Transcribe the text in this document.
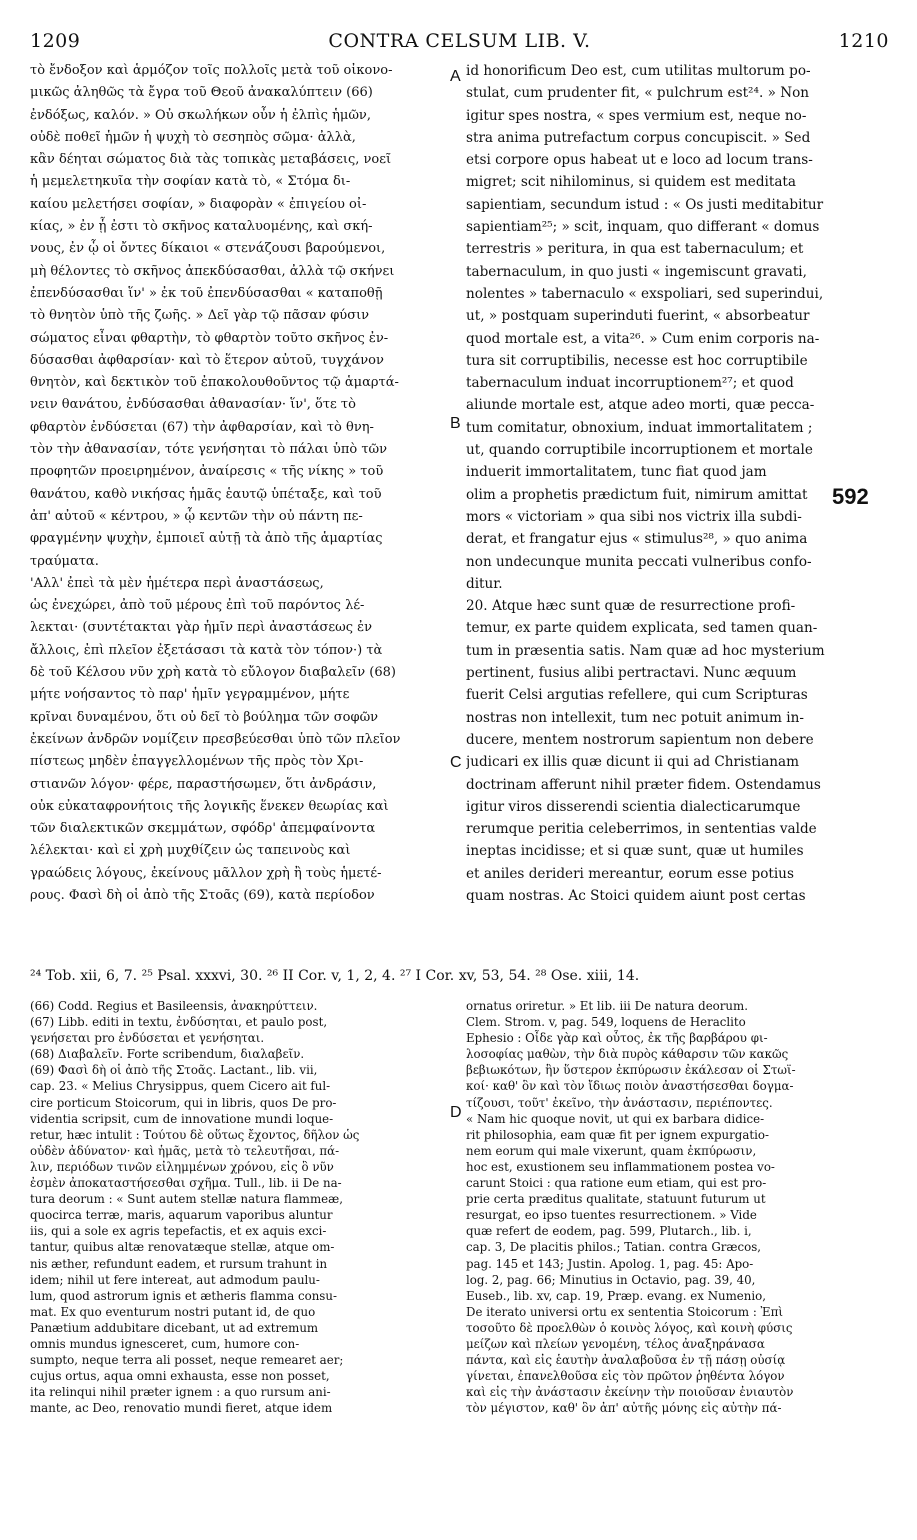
1209	CONTRA CELSUM LIB. V.	1210
τὸ ἔνδοξον καὶ ἁρμόζον τοῖς πολλοῖς μετὰ τοῦ οἰκονο-
μικῶς ἀληθῶς τὰ ἔγρα τοῦ Θεοῦ ἀνακαλύπτειν (66)
ἐνδόξως, καλόν. » Οὐ σκωλήκων οὖν ἡ ἐλπὶς ἡμῶν,
οὐδὲ ποθεῖ ἡμῶν ἡ ψυχὴ τὸ σεσηπὸς σῶμα· ἀλλὰ,
κἂν δέηται σώματος διὰ τὰς τοπικὰς μεταβάσεις, νοεῖ
ἡ μεμελετηκυῖα τὴν σοφίαν κατὰ τὸ, « Στόμα δι-
καίου μελετήσει σοφίαν, » διαφορὰν « ἐπιγείου οἰ-
κίας, » ἐν ᾗ ἐστι τὸ σκῆνος καταλυομένης, καὶ σκή-
νους, ἐν ᾧ οἱ ὄντες δίκαιοι « στενάζουσι βαρούμενοι,
μὴ θέλοντες τὸ σκῆνος ἀπεκδύσασθαι, ἀλλὰ τῷ σκήνει
ἐπενδύσασθαι ἵν' » ἐκ τοῦ ἐπενδύσασθαι « καταποθῇ
τὸ θνητὸν ὑπὸ τῆς ζωῆς. » Δεῖ γὰρ τῷ πᾶσαν φύσιν
σώματος εἶναι φθαρτὴν, τὸ φθαρτὸν τοῦτο σκῆνος ἐν-
δύσασθαι ἀφθαρσίαν· καὶ τὸ ἕτερον αὐτοῦ, τυγχάνον
θνητὸν, καὶ δεκτικὸν τοῦ ἐπακολουθοῦντος τῷ ἁμαρτά-
νειν θανάτου, ἐνδύσασθαι ἀθανασίαν· ἵν', ὅτε τὸ
φθαρτὸν ἐνδύσεται (67) τὴν ἀφθαρσίαν, καὶ τὸ θνη-
τὸν τὴν ἀθανασίαν, τότε γενήσηται τὸ πάλαι ὑπὸ τῶν
προφητῶν προειρημένον, ἀναίρεσις « τῆς νίκης » τοῦ
θανάτου, καθὸ νικήσας ἡμᾶς ἑαυτῷ ὑπέταξε, καὶ τοῦ
ἀπ' αὐτοῦ « κέντρου, » ᾧ κεντῶν τὴν οὐ πάντη πε-
φραγμένην ψυχὴν, ἐμποιεῖ αὐτῇ τὰ ἀπὸ τῆς ἁμαρτίας
τραύματα.
'Αλλ' ἐπεὶ τὰ μὲν ἡμέτερα περὶ ἀναστάσεως,
ὡς ἐνεχώρει, ἀπὸ τοῦ μέρους ἐπὶ τοῦ παρόντος λέ-
λεκται· (συντέτακται γὰρ ἡμῖν περὶ ἀναστάσεως ἐν
ἄλλοις, ἐπὶ πλεῖον ἐξετάσασι τὰ κατὰ τὸν τόπον·) τὰ
δὲ τοῦ Κέλσου νῦν χρὴ κατὰ τὸ εὔλογον διαβαλεῖν (68)
μήτε νοήσαντος τὸ παρ' ἡμῖν γεγραμμένον, μήτε
κρῖναι δυναμένου, ὅτι οὐ δεῖ τὸ βούλημα τῶν σοφῶν
ἐκείνων ἀνδρῶν νομίζειν πρεσβεύεσθαι ὑπὸ τῶν πλεῖον
πίστεως μηδὲν ἐπαγγελλομένων τῆς πρὸς τὸν Χρι-
στιανῶν λόγον· φέρε, παραστήσωμεν, ὅτι ἀνδράσιν,
οὐκ εὐκαταφρονήτοις τῆς λογικῆς ἕνεκεν θεωρίας καὶ
τῶν διαλεκτικῶν σκεμμάτων, σφόδρ' ἀπεμφαίνοντα
λέλεκται· καὶ εἰ χρὴ μυχθίζειν ὡς ταπεινοὺς καὶ
γραώδεις λόγους, ἐκείνους μᾶλλον χρὴ ἢ τοὺς ἡμετέ-
ρους. Φασὶ δὴ οἱ ἀπὸ τῆς Στοᾶς (69), κατὰ περίοδον
id honorificum Deo est, cum utilitas multorum po-
stulat, cum prudenter fit, « pulchrum est²⁴. » Non
igitur spes nostra, « spes vermium est, neque no-
stra anima putrefactum corpus concupiscit. » Sed
etsi corpore opus habeat ut e loco ad locum trans-
migret; scit nihilominus, si quidem est meditata
sapientiam, secundum istud : « Os justi meditabitur
sapientiam²⁵; » scit, inquam, quo differant « domus
terrestris » peritura, in qua est tabernaculum; et
tabernaculum, in quo justi « ingemiscunt gravati,
nolentes » tabernaculo « exspoliari, sed superindui,
ut, » postquam superinduti fuerint, « absorbeatur
quod mortale est, a vita²⁶. » Cum enim corporis na-
tura sit corruptibilis, necesse est hoc corruptibile
tabernaculum induat incorruptionem²⁷; et quod
aliunde mortale est, atque adeo morti, quæ pecca-
tum comitatur, obnoxium, induat immortalitatem ;
ut, quando corruptibile incorruptionem et mortale
induerit immortalitatem, tunc fiat quod jam
olim a prophetis prædictum fuit, nimirum amittat
mors « victoriam » qua sibi nos victrix illa subdi-
derat, et frangatur ejus « stimulus²⁸, » quo anima
non undecunque munita peccati vulneribus confo-
ditur.
20. Atque hæc sunt quæ de resurrectione profi-
temur, ex parte quidem explicata, sed tamen quan-
tum in præsentia satis. Nam quæ ad hoc mysterium
pertinent, fusius alibi pertractavi. Nunc æquum
fuerit Celsi argutias refellere, qui cum Scripturas
nostras non intellexit, tum nec potuit animum in-
ducere, mentem nostrorum sapientum non debere
judicari ex illis quæ dicunt ii qui ad Christianam
doctrinam afferunt nihil præter fidem. Ostendamus
igitur viros disserendi scientia dialecticarumque
rerumque peritia celeberrimos, in sententias valde
ineptas incidisse; et si quæ sunt, quæ ut humiles
et aniles derideri mereantur, eorum esse potius
quam nostras. Ac Stoici quidem aiunt post certas
A
B
C
D
592
²⁴ Tob. xii, 6, 7. ²⁵ Psal. xxxvi, 30. ²⁶ II Cor. v, 1, 2, 4. ²⁷ I Cor. xv, 53, 54. ²⁸ Ose. xiii, 14.
(66) Codd. Regius et Basileensis, ἀνακηρύττειν.
(67) Libb. editi in textu, ἐνδύσηται, et paulo post,
γενήσεται pro ἐνδύσεται et γενήσηται.
(68) Διαβαλεῖν. Forte scribendum, διαλαβεῖν.
(69) Φασὶ δὴ οἱ ἀπὸ τῆς Στοᾶς. Lactant., lib. vii,
cap. 23. « Melius Chrysippus, quem Cicero ait ful-
cire porticum Stoicorum, qui in libris, quos De pro-
videntia scripsit, cum de innovatione mundi loque-
retur, hæc intulit : Τούτου δὲ οὕτως ἔχοντος, δῆλον ὡς
οὐδὲν ἀδύνατον· καὶ ἡμᾶς, μετὰ τὸ τελευτῆσαι, πά-
λιν, περιόδων τινῶν εἰλημμένων χρόνου, εἰς ὃ νῦν
ἐσμὲν ἀποκαταστήσεσθαι σχῆμα. Tull., lib. ii De na-
tura deorum : « Sunt autem stellæ natura flammeæ,
quocirca terræ, maris, aquarum vaporibus aluntur
iis, qui a sole ex agris tepefactis, et ex aquis exci-
tantur, quibus altæ renovatæque stellæ, atque om-
nis æther, refundunt eadem, et rursum trahunt in
idem; nihil ut fere intereat, aut admodum paulu-
lum, quod astrorum ignis et ætheris flamma consu-
mat. Ex quo eventurum nostri putant id, de quo
Panætium addubitare dicebant, ut ad extremum
omnis mundus ignesceret, cum, humore con-
sumpto, neque terra ali posset, neque remearet aer;
cujus ortus, aqua omni exhausta, esse non posset,
ita relinqui nihil præter ignem : a quo rursum ani-
mante, ac Deo, renovatio mundi fieret, atque idem
ornatus oriretur. » Et lib. iii De natura deorum.
Clem. Strom. v, pag. 549, loquens de Heraclito
Ephesio : Οἶδε γὰρ καὶ οὗτος, ἐκ τῆς βαρβάρου φι-
λοσοφίας μαθὼν, τὴν διὰ πυρὸς κάθαρσιν τῶν κακῶς
βεβιωκότων, ἣν ὕστερον ἐκπύρωσιν ἐκάλεσαν οἱ Στωϊ-
κοί· καθ' ὃν καὶ τὸν ἴδιως ποιὸν ἀναστήσεσθαι δογμα-
τίζουσι, τοῦτ' ἐκεῖνο, τὴν ἀνάστασιν, περιέποντες.
« Nam hic quoque novit, ut qui ex barbara didice-
rit philosophia, eam quæ fit per ignem expurgatio-
nem eorum qui male vixerunt, quam ἐκπύρωσιν,
hoc est, exustionem seu inflammationem postea vo-
carunt Stoici : qua ratione eum etiam, qui est pro-
prie certa præditus qualitate, statuunt futurum ut
resurgat, eo ipso tuentes resurrectionem. » Vide
quæ refert de eodem, pag. 599, Plutarch., lib. i,
cap. 3, De placitis philos.; Tatian. contra Græcos,
pag. 145 et 143; Justin. Apolog. 1, pag. 45: Apo-
log. 2, pag. 66; Minutius in Octavio, pag. 39, 40,
Euseb., lib. xv, cap. 19, Præp. evang. ex Numenio,
De iterato universi ortu ex sententia Stoicorum : Ἐπὶ
τοσοῦτο δὲ προελθὼν ὁ κοινὸς λόγος, καὶ κοινὴ φύσις
μείζων καὶ πλείων γενομένη, τέλος ἀναξηράνασα
πάντα, καὶ εἰς ἑαυτὴν ἀναλαβοῦσα ἐν τῇ πάσῃ οὐσίᾳ
γίνεται, ἐπανελθοῦσα εἰς τὸν πρῶτον ῥηθέντα λόγον
καὶ εἰς τὴν ἀνάστασιν ἐκείνην τὴν ποιοῦσαν ἐνιαυτὸν
τὸν μέγιστον, καθ' ὃν ἀπ' αὐτῆς μόνης εἰς αὐτὴν πά-
